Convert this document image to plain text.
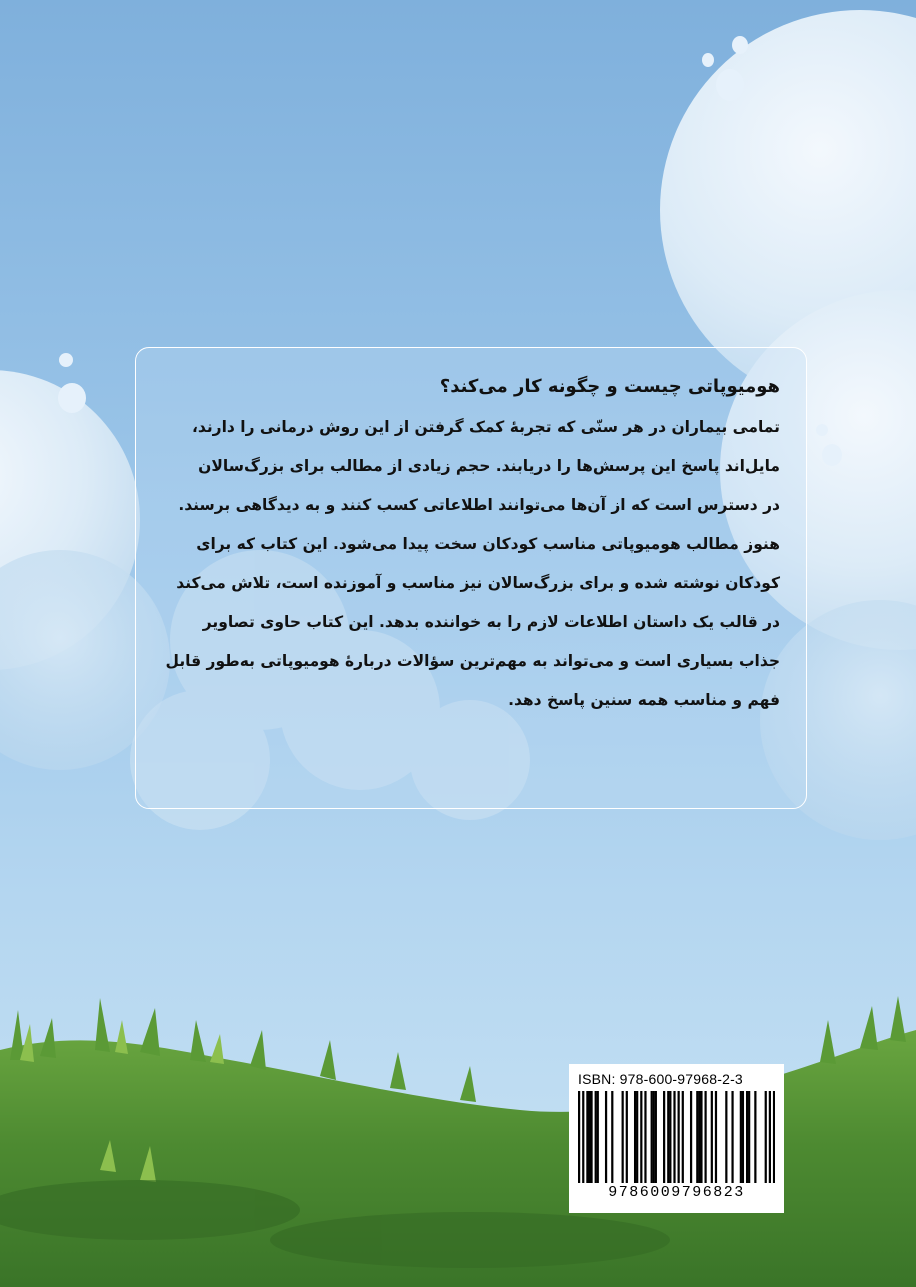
هومیوپاتی چیست و چگونه کار می‌کند؟

تمامی بیماران در هر سنّی که تجربهٔ کمک گرفتن از این روش درمانی را دارند،

مایل‌اند پاسخ این پرسش‌ها را دریابند. حجم زیادی از مطالب برای بزرگ‌سالان

در دسترس است که از آن‌ها می‌توانند اطلاعاتی کسب کنند و به دیدگاهی برسند.

هنوز مطالب هومیوپاتی مناسب کودکان سخت پیدا می‌شود. این کتاب که برای

کودکان نوشته شده و برای بزرگ‌سالان نیز مناسب و آموزنده است، تلاش می‌کند

در قالب یک داستان اطلاعات لازم را به خواننده بدهد. این کتاب حاوی تصاویر

جذاب بسیاری است و می‌تواند به مهم‌ترین سؤالات دربارهٔ هومیوپاتی به‌طور قابل

فهم و مناسب همه سنین پاسخ دهد.

ISBN: 978-600-97968-2-3
9786009796823
